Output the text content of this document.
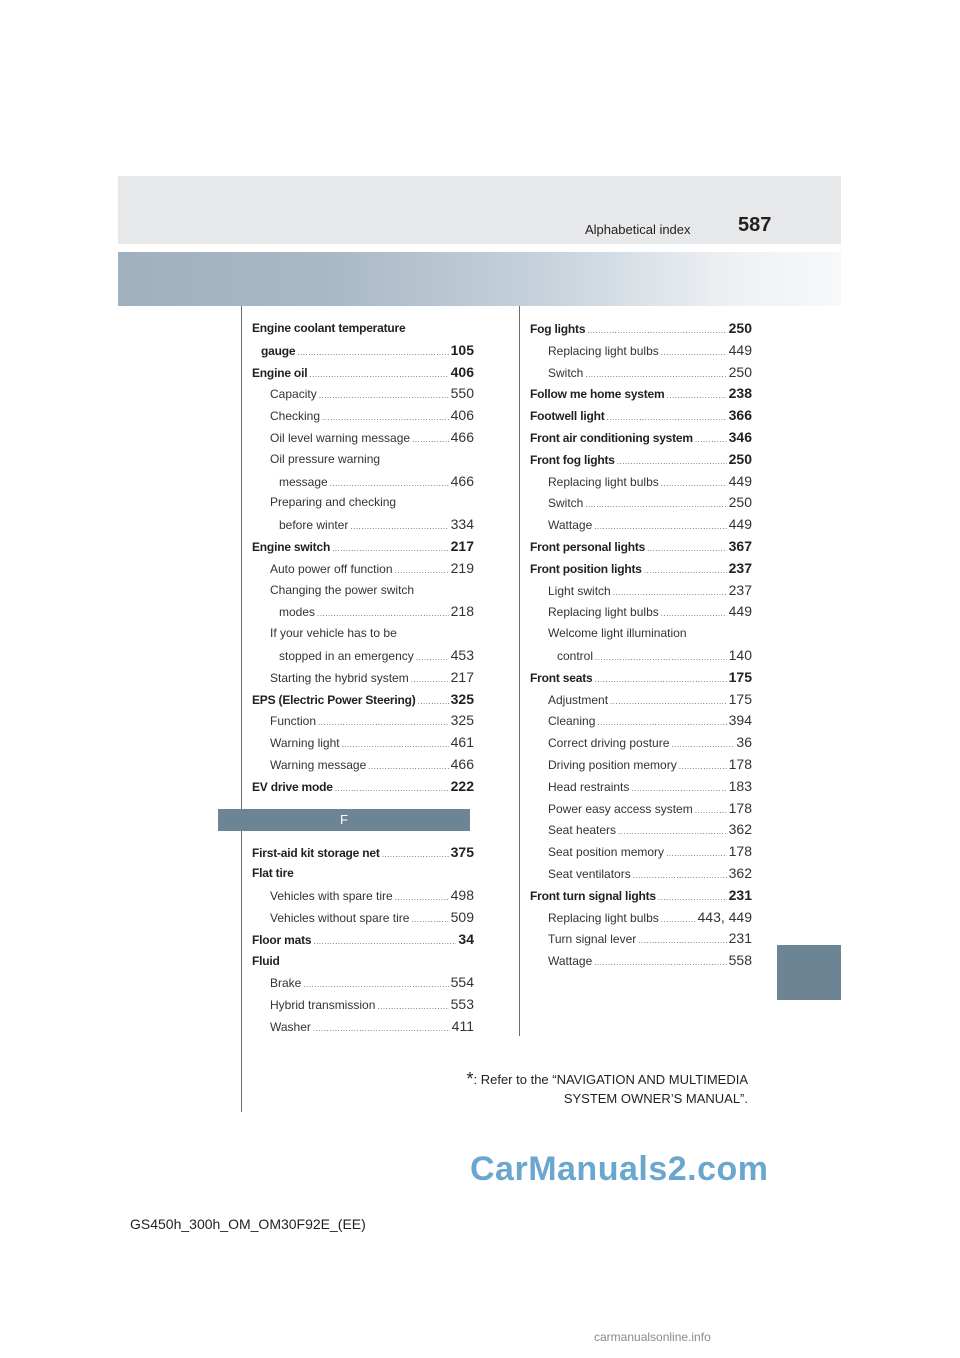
Alphabetical index 587
Engine coolant temperature
gauge .....	105
Engine oil .....	406
Capacity .....	550
Checking .....	406
Oil level warning message .....	466
Oil pressure warning
message .....	466
Preparing and checking
before winter .....	334
Engine switch .....	217
Auto power off function .....	219
Changing the power switch
modes .....	218
If your vehicle has to be
stopped in an emergency .....	453
Starting the hybrid system .....	217
EPS (Electric Power Steering) .....	325
Function .....	325
Warning light .....	461
Warning message .....	466
EV drive mode .....	222
F
First-aid kit storage net .....	375
Flat tire
Vehicles with spare tire .....	498
Vehicles without spare tire .....	509
Floor mats .....	34
Fluid
Brake .....	554
Hybrid transmission .....	553
Washer .....	411
Fog lights .....	250
Replacing light bulbs .....	449
Switch .....	250
Follow me home system .....	238
Footwell light .....	366
Front air conditioning system .....	346
Front fog lights .....	250
Replacing light bulbs .....	449
Switch .....	250
Wattage .....	449
Front personal lights .....	367
Front position lights .....	237
Light switch .....	237
Replacing light bulbs .....	449
Welcome light illumination
control .....	140
Front seats .....	175
Adjustment .....	175
Cleaning .....	394
Correct driving posture .....	36
Driving position memory .....	178
Head restraints .....	183
Power easy access system .....	178
Seat heaters .....	362
Seat position memory .....	178
Seat ventilators .....	362
Front turn signal lights .....	231
Replacing light bulbs .....	443, 449
Turn signal lever .....	231
Wattage .....	558
*: Refer to the “NAVIGATION AND MULTIMEDIA
SYSTEM OWNER’S MANUAL”.
GS450h_300h_OM_OM30F92E_(EE)
CarManuals2.com
carmanualsonline.info
